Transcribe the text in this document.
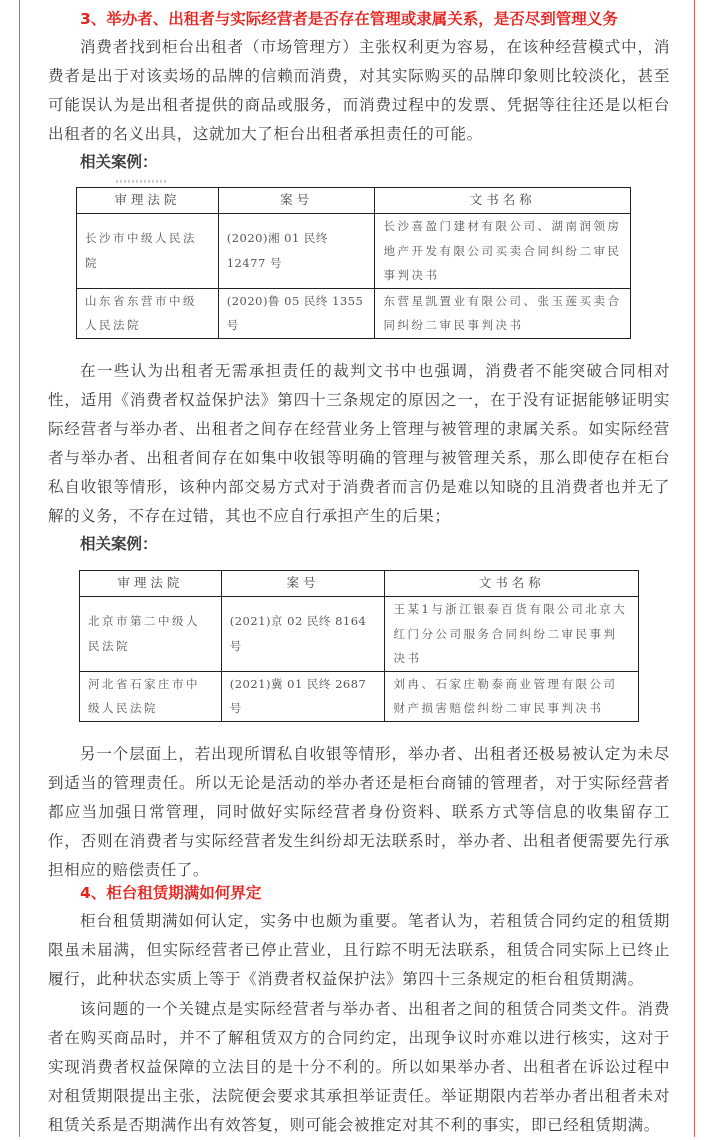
3、举办者、出租者与实际经营者是否存在管理或隶属关系，是否尽到管理义务

消费者找到柜台出租者（市场管理方）主张权利更为容易，在该种经营模式中，消费者是出于对该卖场的品牌的信赖而消费，对其实际购买的品牌印象则比较淡化，甚至可能误认为是出租者提供的商品或服务，而消费过程中的发票、凭据等往往还是以柜台出租者的名义出具，这就加大了柜台出租者承担责任的可能。

相关案例：

在一些认为出租者无需承担责任的裁判文书中也强调，消费者不能突破合同相对性，适用《消费者权益保护法》第四十三条规定的原因之一，在于没有证据能够证明实际经营者与举办者、出租者之间存在经营业务上管理与被管理的隶属关系。如实际经营者与举办者、出租者间存在如集中收银等明确的管理与被管理关系，那么即使存在柜台私自收银等情形，该种内部交易方式对于消费者而言仍是难以知晓的且消费者也并无了解的义务，不存在过错，其也不应自行承担产生的后果；

相关案例：

另一个层面上，若出现所谓私自收银等情形，举办者、出租者还极易被认定为未尽到适当的管理责任。所以无论是活动的举办者还是柜台商铺的管理者，对于实际经营者都应当加强日常管理，同时做好实际经营者身份资料、联系方式等信息的收集留存工作，否则在消费者与实际经营者发生纠纷却无法联系时，举办者、出租者便需要先行承担相应的赔偿责任了。

4、柜台租赁期满如何界定

柜台租赁期满如何认定，实务中也颇为重要。笔者认为，若租赁合同约定的租赁期限虽未届满，但实际经营者已停止营业，且行踪不明无法联系，租赁合同实际上已终止履行，此种状态实质上等于《消费者权益保护法》第四十三条规定的柜台租赁期满。

该问题的一个关键点是实际经营者与举办者、出租者之间的租赁合同类文件。消费者在购买商品时，并不了解租赁双方的合同约定，出现争议时亦难以进行核实，这对于实现消费者权益保障的立法目的是十分不利的。所以如果举办者、出租者在诉讼过程中对租赁期限提出主张，法院便会要求其承担举证责任。举证期限内若举办者出租者未对租赁关系是否期满作出有效答复，则可能会被推定对其不利的事实，即已经租赁期满。

审理法院	案号	文书名称
长沙市中级人民法院	(2020)湘 01 民终 12477 号	长沙喜盈门建材有限公司、湖南润领房地产开发有限公司买卖合同纠纷二审民事判决书
山东省东营市中级人民法院	(2020)鲁 05 民终 1355 号	东营星凯置业有限公司、张玉莲买卖合同纠纷二审民事判决书
审理法院	案号	文书名称
北京市第二中级人民法院	(2021)京 02 民终 8164 号	王某1与浙江银泰百货有限公司北京大红门分公司服务合同纠纷二审民事判决书
河北省石家庄市中级人民法院	(2021)冀 01 民终 2687 号	刘冉、石家庄勒泰商业管理有限公司财产损害赔偿纠纷二审民事判决书
